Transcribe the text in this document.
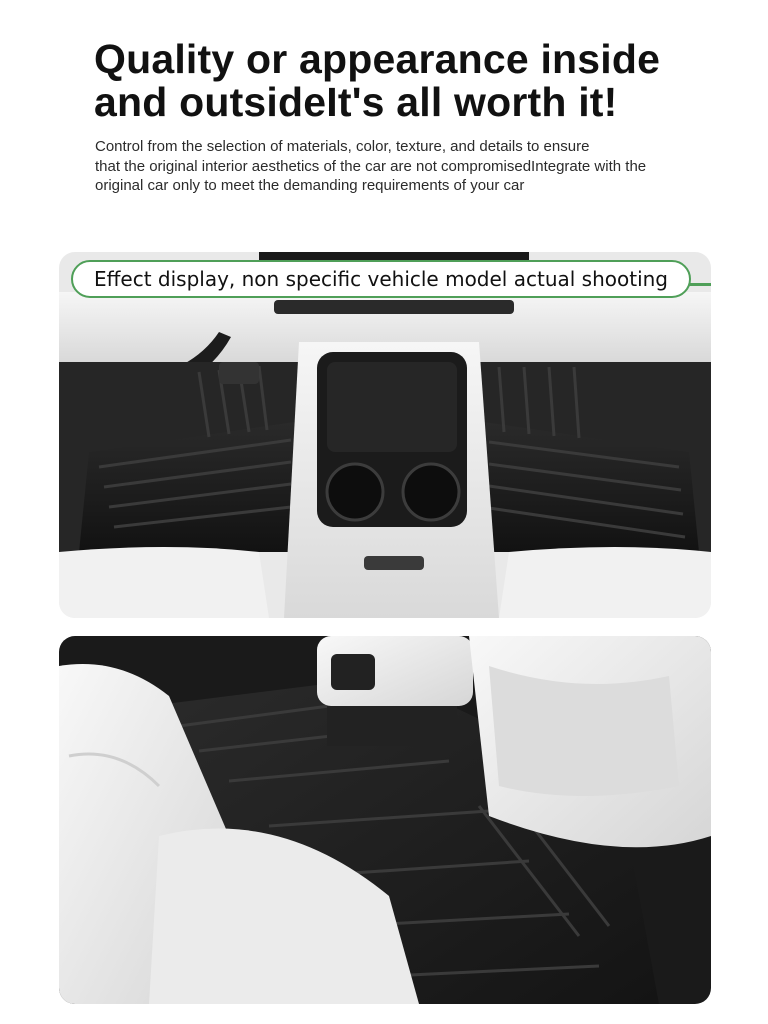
Quality or appearance inside
and outsideIt's all worth it!

Control from the selection of materials, color, texture, and details to ensure
that the original interior aesthetics of the car are not compromisedIntegrate with the
original car only to meet the demanding requirements of your car

Effect display, non specific vehicle model actual shooting
